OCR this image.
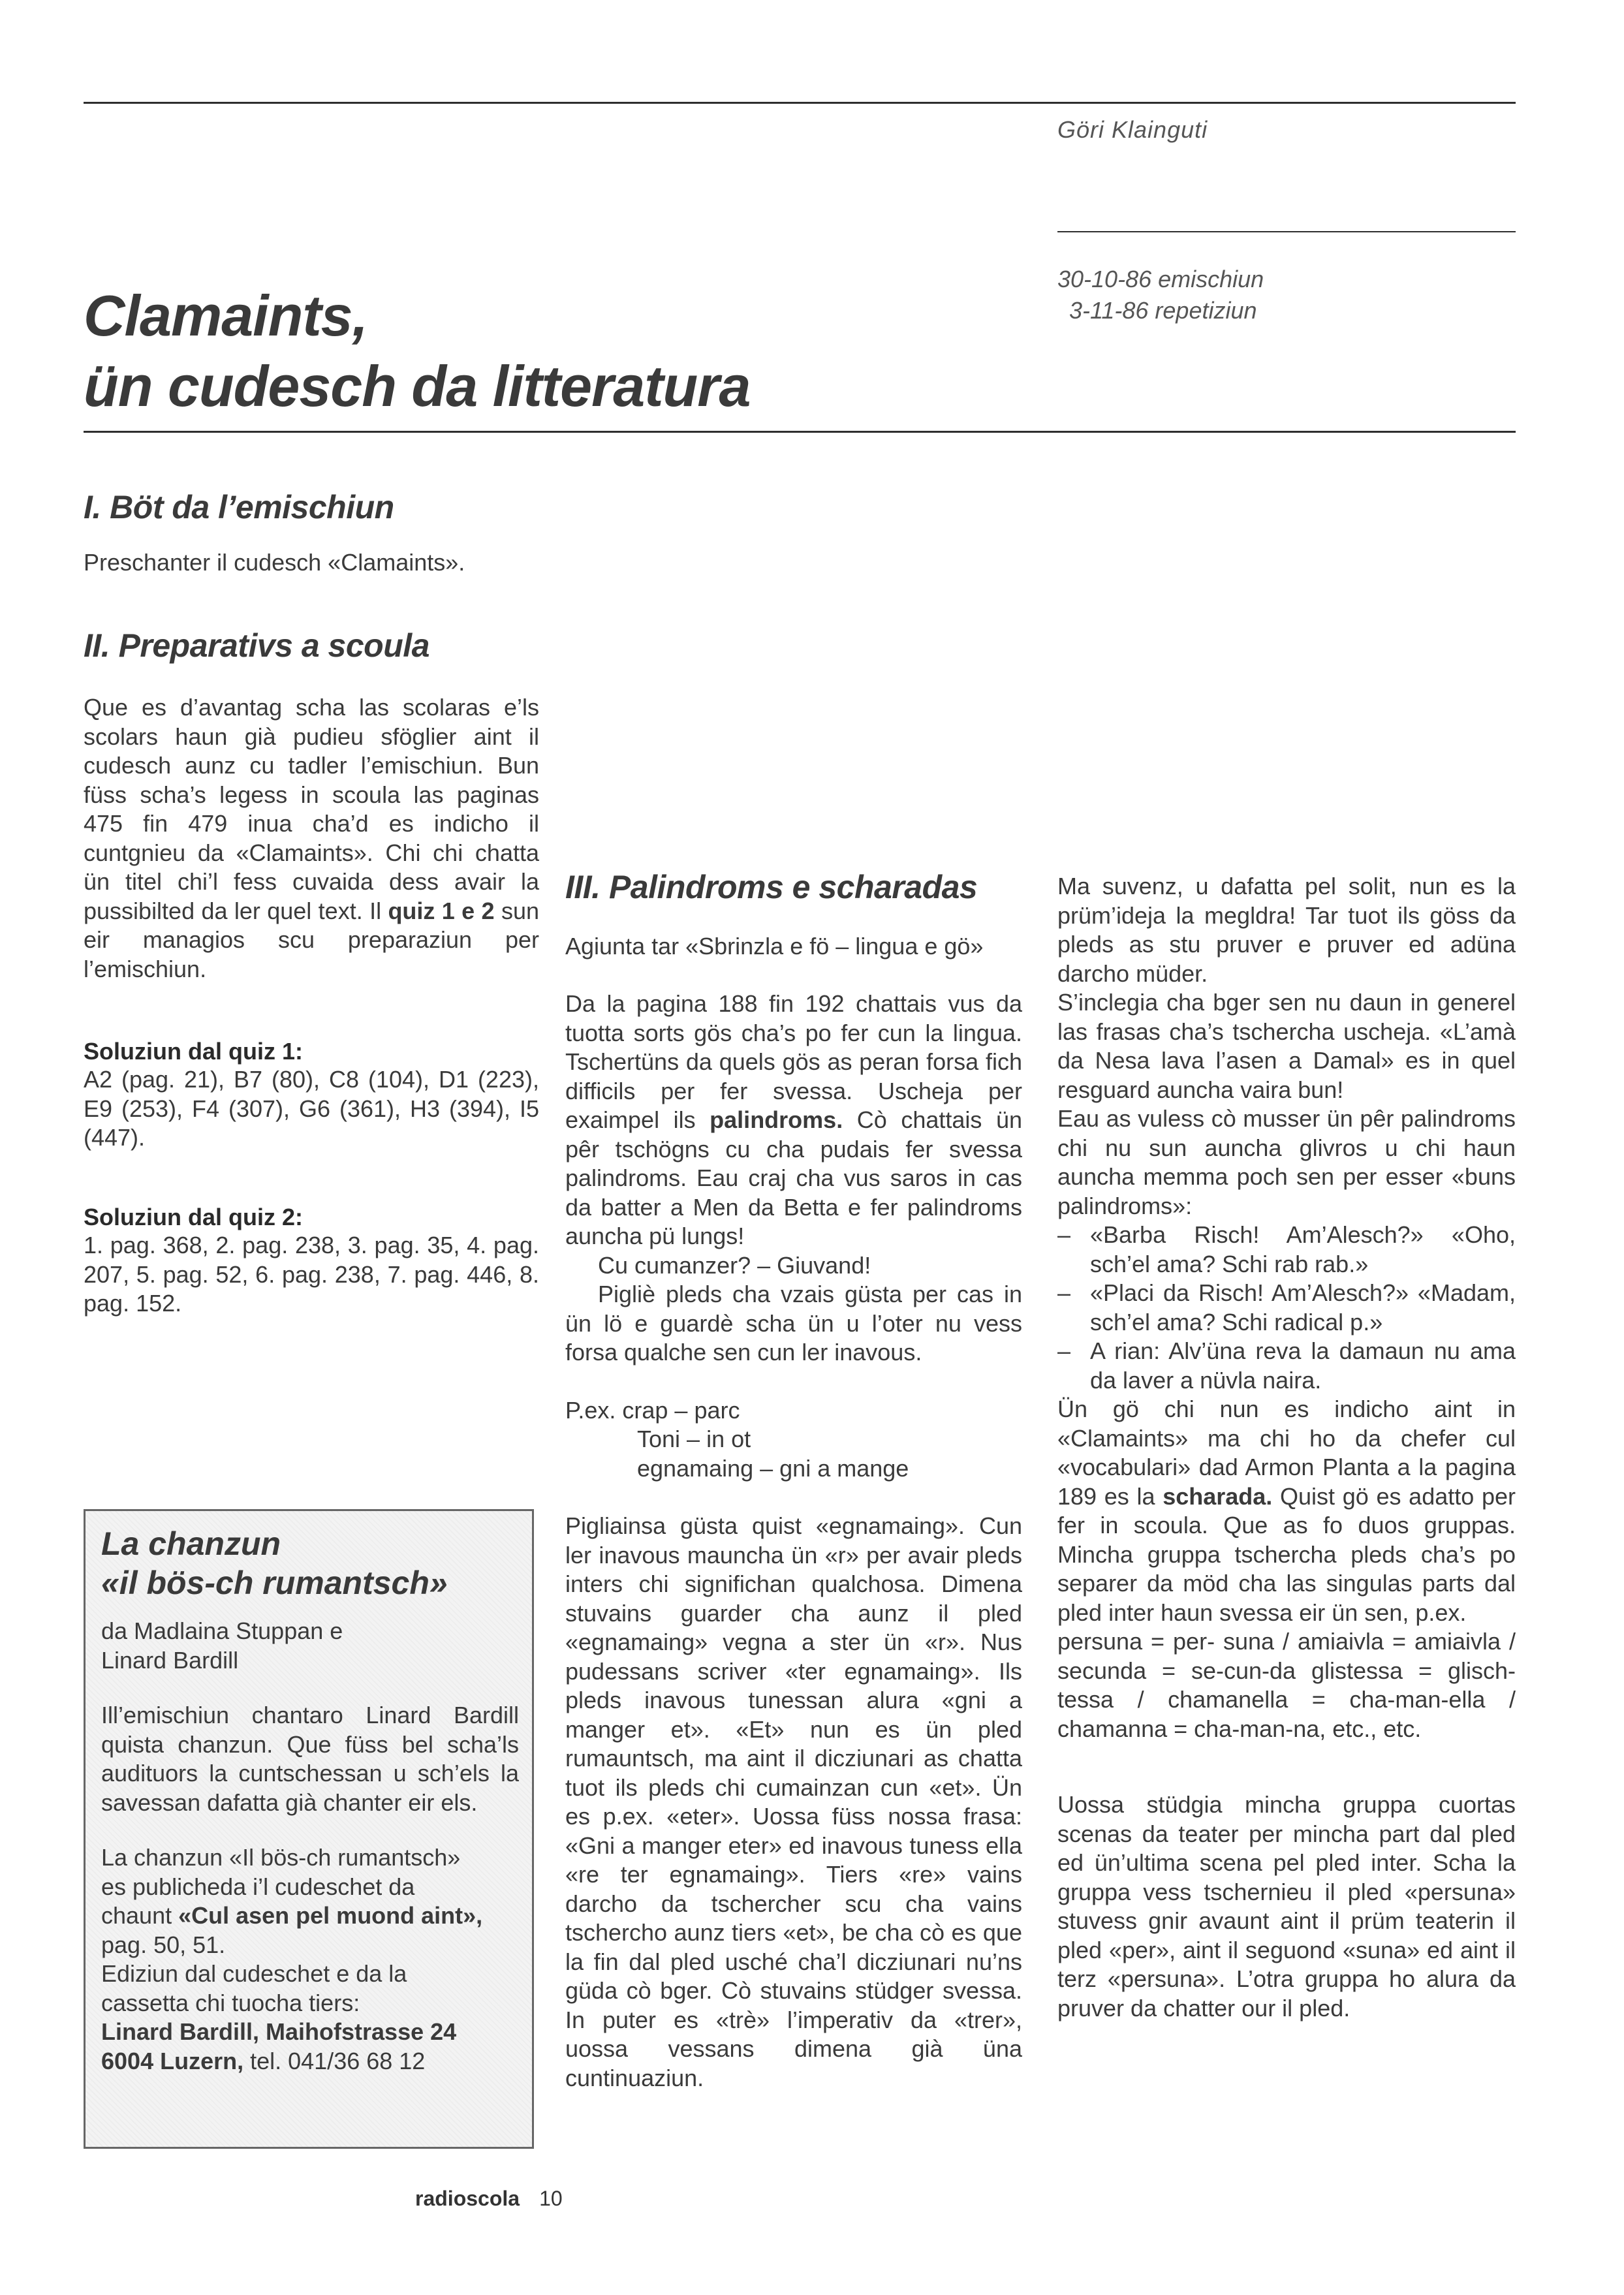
Göri Klainguti
30-10-86 emischiun
3-11-86 repetiziun
Clamaints,
ün cudesch da litteratura
I. Böt da l’emischiun
Preschanter il cudesch «Clamaints».
II. Preparativs a scoula
Que es d’avantag scha las scolaras e’ls scolars haun già pudieu sföglier aint il cudesch aunz cu tadler l’emischiun. Bun füss scha’s legess in scoula las paginas 475 fin 479 inua cha’d es indicho il cuntgnieu da «Clamaints». Chi chi chatta ün titel chi’l fess cuvaida dess avair la pussibilted da ler quel text. Il quiz 1 e 2 sun eir managios scu preparaziun per l’emischiun.
Soluziun dal quiz 1:
A2 (pag. 21), B7 (80), C8 (104), D1 (223), E9 (253), F4 (307), G6 (361), H3 (394), I5 (447).
Soluziun dal quiz 2:
1. pag. 368, 2. pag. 238, 3. pag. 35, 4. pag. 207, 5. pag. 52, 6. pag. 238, 7. pag. 446, 8. pag. 152.
La chanzun
«il bös-ch rumantsch»
da Madlaina Stuppan e
Linard Bardill

Ill’emischiun chantaro Linard Bardill quista chanzun. Que füss bel scha’ls audituors la cuntschessan u sch’els la savessan dafatta già chanter eir els.

La chanzun «Il bös-ch rumantsch»
es publicheda i’l cudeschet da
chaunt «Cul asen pel muond aint»,
pag. 50, 51.
Ediziun dal cudeschet e da la
cassetta chi tuocha tiers:
Linard Bardill, Maihofstrasse 24
6004 Luzern, tel. 041/36 68 12
III. Palindroms e scharadas
Agiunta tar «Sbrinzla e fö – lingua e gö»

Da la pagina 188 fin 192 chattais vus da tuotta sorts gös cha’s po fer cun la lingua. Tschertüns da quels gös as peran forsa fich difficils per fer svessa. Uscheja per exaimpel ils palindroms. Cò chattais ün pêr tschögns cu cha pudais fer svessa palindroms. Eau craj cha vus saros in cas da batter a Men da Betta e fer palindroms auncha pü lungs!

Cu cumanzer? – Giuvand!

Pigliè pleds cha vzais güsta per cas in ün lö e guardè scha ün u l’oter nu vess forsa qualche sen cun ler inavous.

P.ex. crap – parc
Toni – in ot
egnamaing – gni a mange

Pigliainsa güsta quist «egnamaing». Cun ler inavous mauncha ün «r» per avair pleds inters chi significhan qualchosa. Dimena stuvains guarder cha aunz il pled «egnamaing» vegna a ster ün «r». Nus pudessans scriver «ter egnamaing». Ils pleds inavous tunessan alura «gni a manger et». «Et» nun es ün pled rumauntsch, ma aint il dicziunari as chatta tuot ils pleds chi cumainzan cun «et». Ün es p.ex. «eter». Uossa füss nossa frasa: «Gni a manger eter» ed inavous tuness ella «re ter egnamaing». Tiers «re» vains darcho da tschercher scu cha vains tschercho aunz tiers «et», be cha cò es que la fin dal pled usché cha’l dicziunari nu’ns güda cò bger. Cò stuvains stüdger svessa. In puter es «trè» l’imperativ da «trer», uossa vessans dimena già üna cuntinuaziun.

Ma suvenz, u dafatta pel solit, nun es la prüm’ideja la megldra! Tar tuot ils göss da pleds as stu pruver e pruver ed adüna darcho müder.

S’inclegia cha bger sen nu daun in generel las frasas cha’s tschercha uscheja. «L’amà da Nesa lava l’asen a Damal» es in quel resguard auncha vaira bun!

Eau as vuless cò musser ün pêr palindroms chi nu sun auncha glivros u chi haun auncha memma poch sen per esser «buns palindroms»:

– «Barba Risch! Am’Alesch?» «Oho, sch’el ama? Schi rab rab.»
– «Placi da Risch! Am’Alesch?» «Madam, sch’el ama? Schi radical p.»
– A rian: Alv’üna reva la damaun nu ama da laver a nüvla naira.

Ün gö chi nun es indicho aint in «Clamaints» ma chi ho da chefer cul «vocabulari» dad Armon Planta a la pagina 189 es la scharada. Quist gö es adatto per fer in scoula. Que as fo duos gruppas. Mincha gruppa tschercha pleds cha’s po separer da möd cha las singulas parts dal pled inter haun svessa eir ün sen, p.ex.

persuna = per- suna / amiaivla = amiaivla / secunda = se-cun-da glistessa = glisch-tessa / chamanella = cha-man-ella / chamanna = cha-man-na, etc., etc.

Uossa stüdgia mincha gruppa cuortas scenas da teater per mincha part dal pled ed ün’ultima scena pel pled inter. Scha la gruppa vess tschernieu il pled «persuna» stuvess gnir avaunt aint il prüm teaterin il pled «per», aint il seguond «suna» ed aint il terz «persuna». L’otra gruppa ho alura da pruver da chatter our il pled.

radioscola 10
